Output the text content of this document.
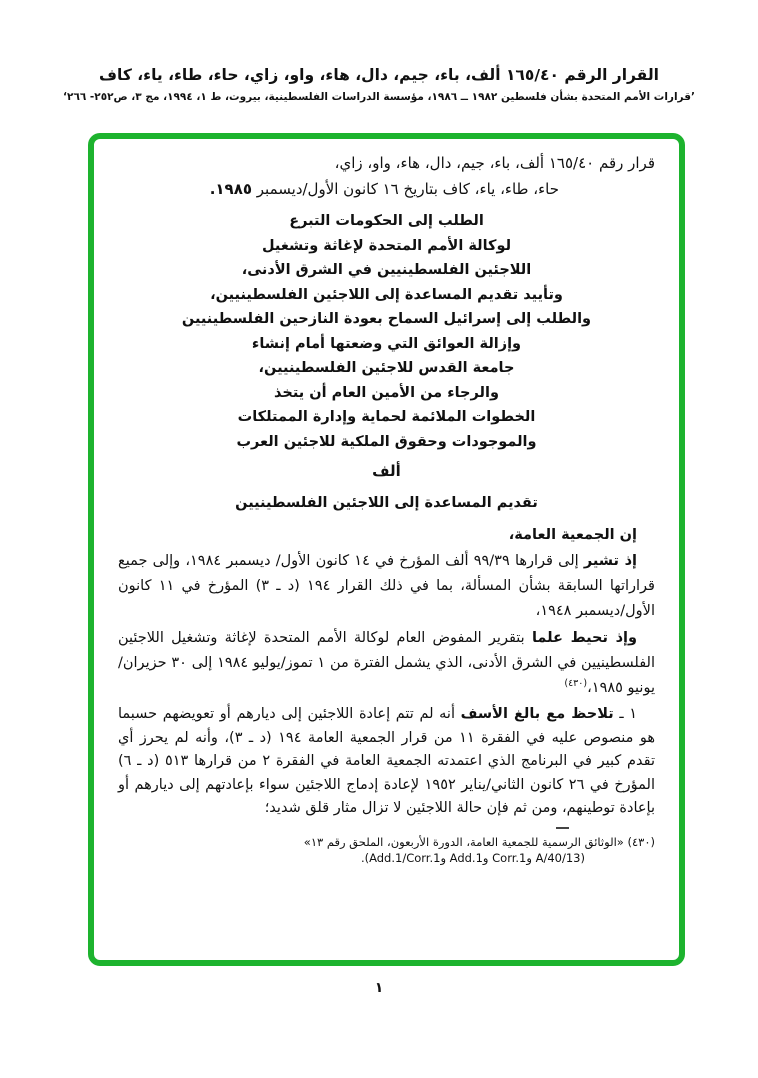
القرار الرقم ١٦٥/٤٠ ألف، باء، جيم، دال، هاء، واو، زاي، حاء، طاء، ياء، كاف
’قرارات الأمم المتحدة بشأن فلسطين ١٩٨٢ ــ ١٩٨٦، مؤسسة الدراسات الفلسطينية، بيروت، ط ١، ١٩٩٤، مج ٣، ص٢٥٢- ٢٦٦‘
قرار رقم ١٦٥/٤٠ ألف، باء، جيم، دال، هاء، واو، زاي،
حاء، طاء، ياء، كاف بتاريخ ١٦ كانون الأول/ديسمبر ١٩٨٥.
الطلب إلى الحكومات التبرع
لوكالة الأمم المتحدة لإغاثة وتشغيل
اللاجئين الفلسطينيين في الشرق الأدنى،
وتأييد تقديم المساعدة إلى اللاجئين الفلسطينيين،
والطلب إلى إسرائيل السماح بعودة النازحين الفلسطينيين
وإزالة العوائق التي وضعتها أمام إنشاء
جامعة القدس للاجئين الفلسطينيين،
والرجاء من الأمين العام أن يتخذ
الخطوات الملائمة لحماية وإدارة الممتلكات
والموجودات وحقوق الملكية للاجئين العرب
ألف
تقديم المساعدة إلى اللاجئين الفلسطينيين
إن الجمعية العامة،

إذ تشير إلى قرارها ٩٩/٣٩ ألف المؤرخ في ١٤ كانون الأول/ ديسمبر ١٩٨٤، وإلى جميع قراراتها السابقة بشأن المسألة، بما في ذلك القرار ١٩٤ (د ـ ٣) المؤرخ في ١١ كانون الأول/ديسمبر ١٩٤٨،

وإذ تحيط علما بتقرير المفوض العام لوكالة الأمم المتحدة لإغاثة وتشغيل اللاجئين الفلسطينيين في الشرق الأدنى، الذي يشمل الفترة من ١ تموز/يوليو ١٩٨٤ إلى ٣٠ حزيران/يونيو ١٩٨٥،$^{(٤٣٠)}$

١ ـ تلاحظ مع بالغ الأسف أنه لم تتم إعادة اللاجئين إلى ديارهم أو تعويضهم حسبما هو منصوص عليه في الفقرة ١١ من قرار الجمعية العامة ١٩٤ (د ـ ٣)، وأنه لم يحرز أي تقدم كبير في البرنامج الذي اعتمدته الجمعية العامة في الفقرة ٢ من قرارها ٥١٣ (د ـ ٦) المؤرخ في ٢٦ كانون الثاني/يناير ١٩٥٢ لإعادة إدماج اللاجئين سواء بإعادتهم إلى ديارهم أو بإعادة توطينهم، ومن ثم فإن حالة اللاجئين لا تزال مثار قلق شديد؛

(٤٣٠) «الوثائق الرسمية للجمعية العامة، الدورة الأربعون، الملحق رقم ١٣»
(A/40/13 وCorr.1 وAdd.1 وAdd.1/Corr.1).
١
